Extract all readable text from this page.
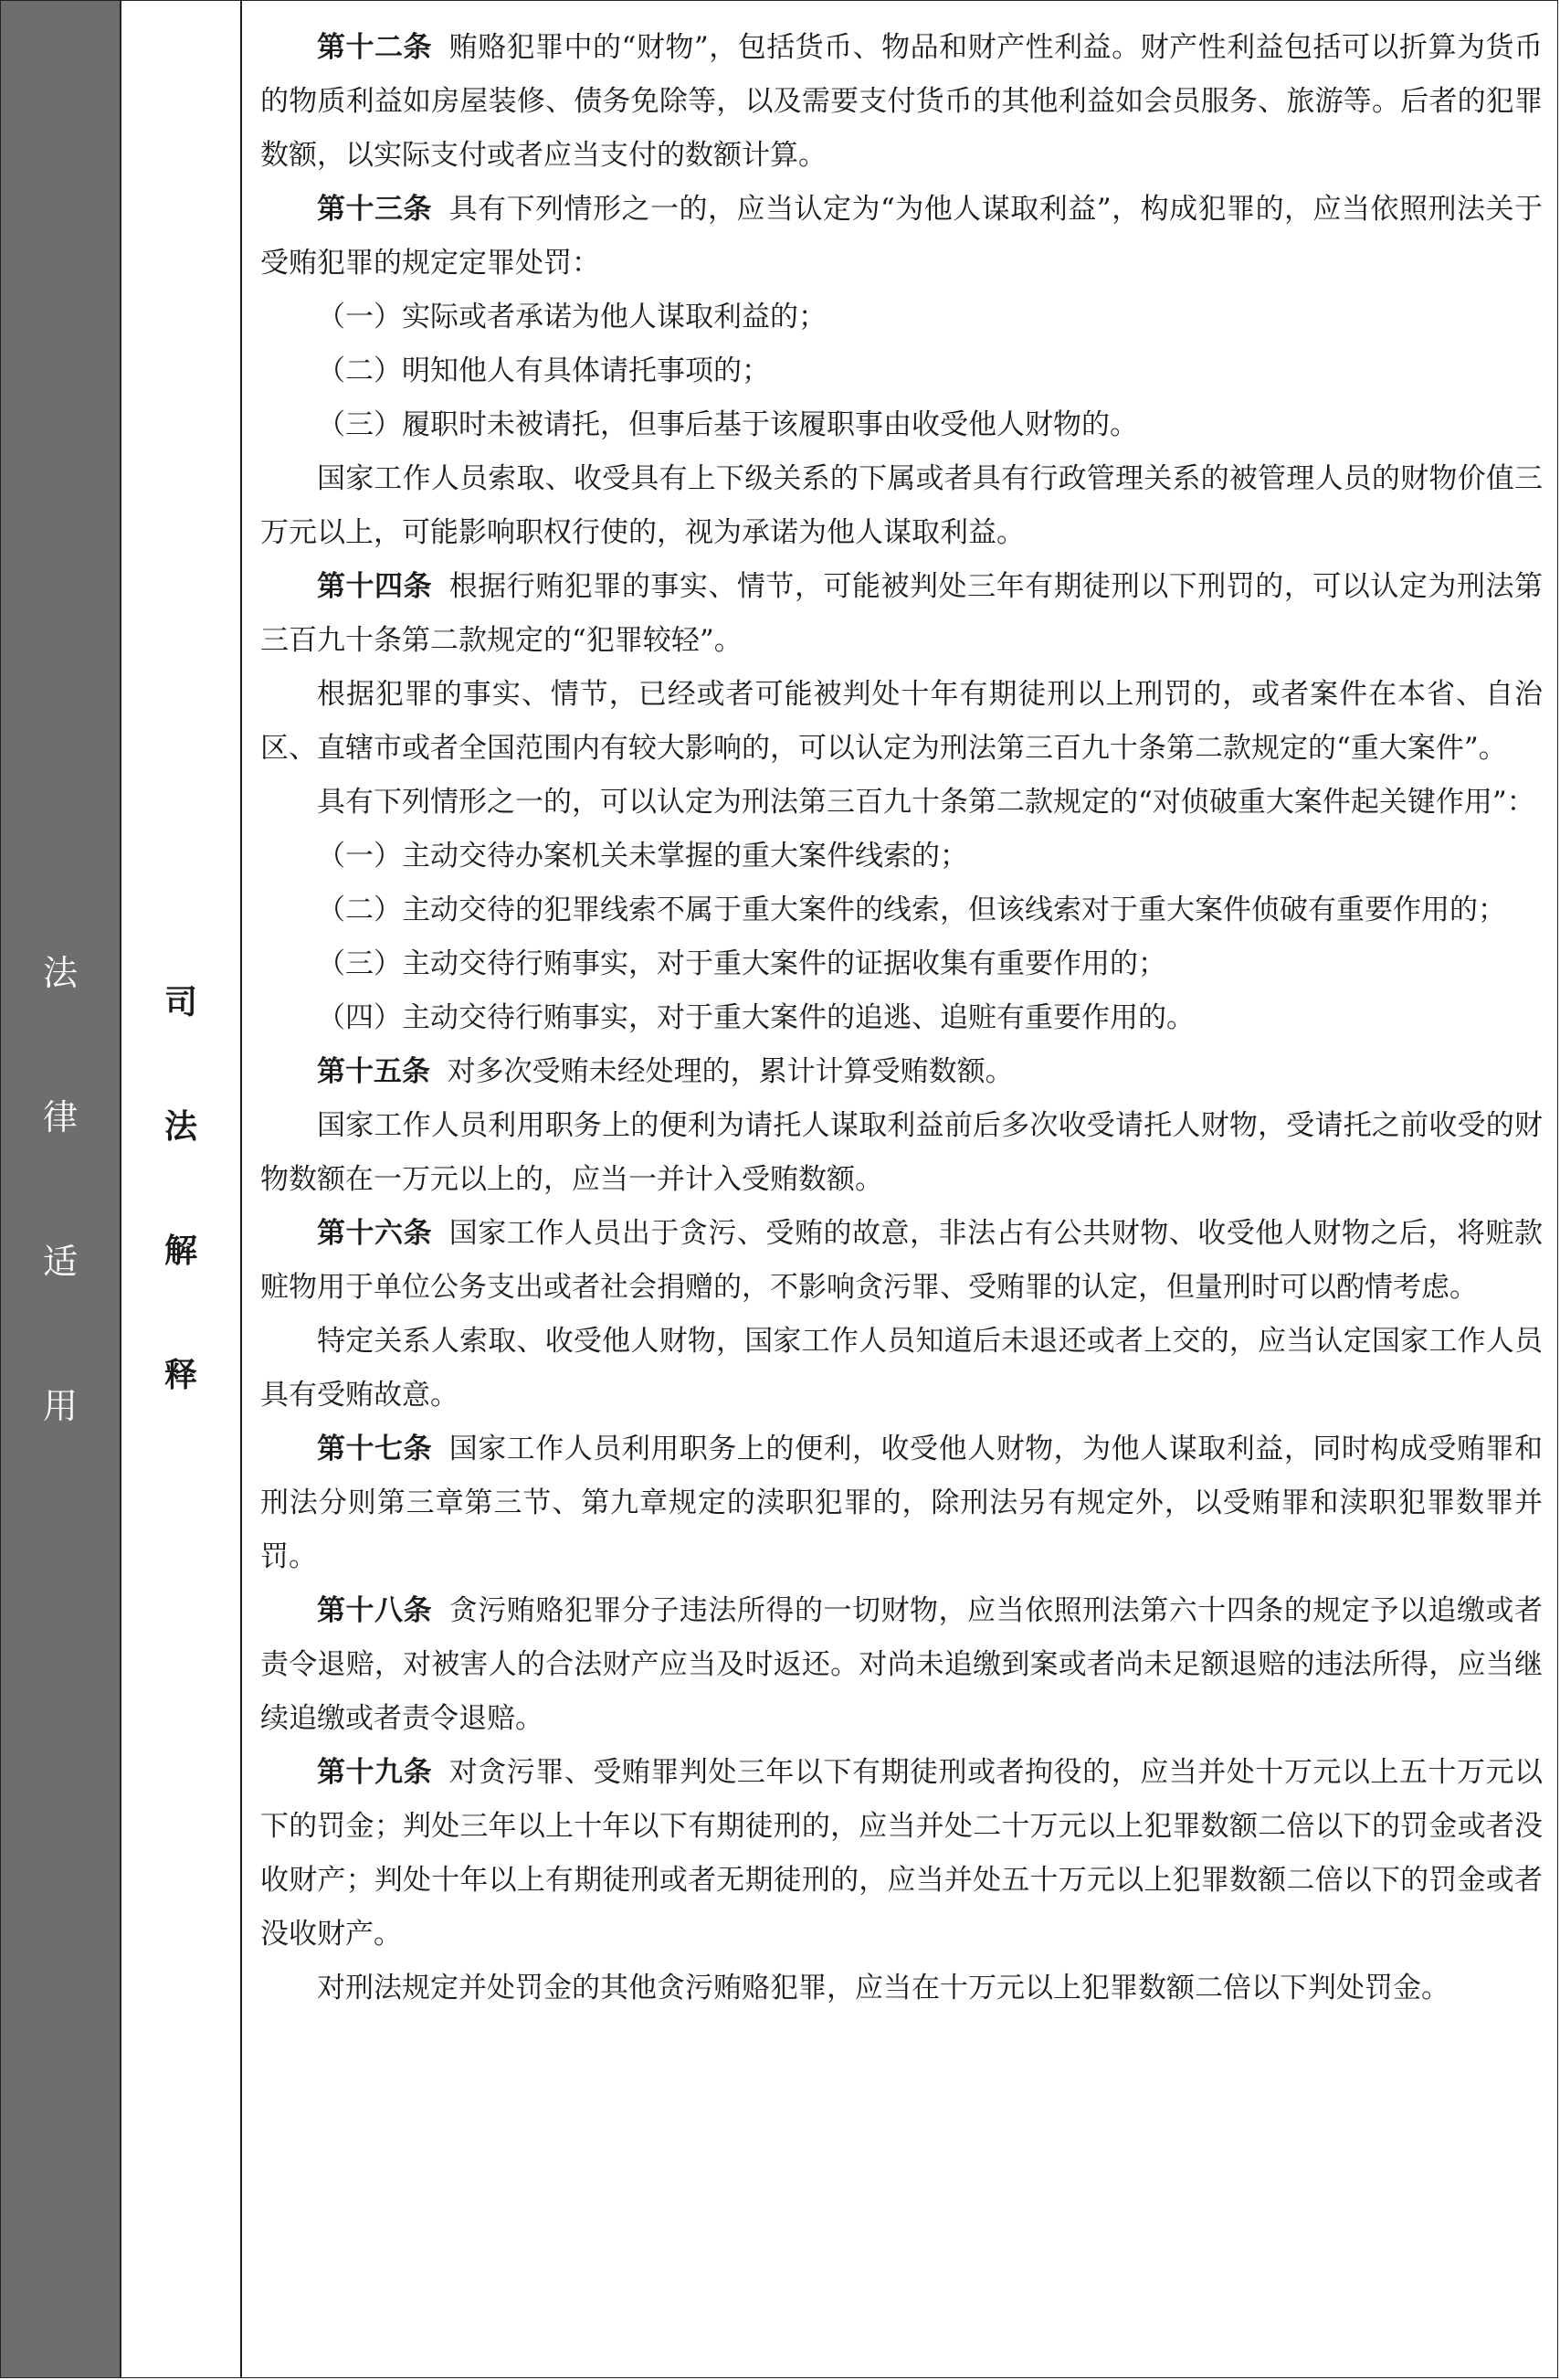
法
律
适
用
司
法
解
释

第十二条 贿赂犯罪中的“财物”，包括货币、物品和财产性利益。财产性利益包括可以折算为货币的物质利益如房屋装修、债务免除等，以及需要支付货币的其他利益如会员服务、旅游等。后者的犯罪数额，以实际支付或者应当支付的数额计算。

第十三条 具有下列情形之一的，应当认定为“为他人谋取利益”，构成犯罪的，应当依照刑法关于受贿犯罪的规定定罪处罚：

（一）实际或者承诺为他人谋取利益的；

（二）明知他人有具体请托事项的；

（三）履职时未被请托，但事后基于该履职事由收受他人财物的。

国家工作人员索取、收受具有上下级关系的下属或者具有行政管理关系的被管理人员的财物价值三万元以上，可能影响职权行使的，视为承诺为他人谋取利益。

第十四条 根据行贿犯罪的事实、情节，可能被判处三年有期徒刑以下刑罚的，可以认定为刑法第三百九十条第二款规定的“犯罪较轻”。

根据犯罪的事实、情节，已经或者可能被判处十年有期徒刑以上刑罚的，或者案件在本省、自治区、直辖市或者全国范围内有较大影响的，可以认定为刑法第三百九十条第二款规定的“重大案件”。

具有下列情形之一的，可以认定为刑法第三百九十条第二款规定的“对侦破重大案件起关键作用”：

（一）主动交待办案机关未掌握的重大案件线索的；

（二）主动交待的犯罪线索不属于重大案件的线索，但该线索对于重大案件侦破有重要作用的；

（三）主动交待行贿事实，对于重大案件的证据收集有重要作用的；

（四）主动交待行贿事实，对于重大案件的追逃、追赃有重要作用的。

第十五条 对多次受贿未经处理的，累计计算受贿数额。

国家工作人员利用职务上的便利为请托人谋取利益前后多次收受请托人财物，受请托之前收受的财物数额在一万元以上的，应当一并计入受贿数额。

第十六条 国家工作人员出于贪污、受贿的故意，非法占有公共财物、收受他人财物之后，将赃款赃物用于单位公务支出或者社会捐赠的，不影响贪污罪、受贿罪的认定，但量刑时可以酌情考虑。

特定关系人索取、收受他人财物，国家工作人员知道后未退还或者上交的，应当认定国家工作人员具有受贿故意。

第十七条 国家工作人员利用职务上的便利，收受他人财物，为他人谋取利益，同时构成受贿罪和刑法分则第三章第三节、第九章规定的渎职犯罪的，除刑法另有规定外，以受贿罪和渎职犯罪数罪并罚。

第十八条 贪污贿赂犯罪分子违法所得的一切财物，应当依照刑法第六十四条的规定予以追缴或者责令退赔，对被害人的合法财产应当及时返还。对尚未追缴到案或者尚未足额退赔的违法所得，应当继续追缴或者责令退赔。

第十九条 对贪污罪、受贿罪判处三年以下有期徒刑或者拘役的，应当并处十万元以上五十万元以下的罚金；判处三年以上十年以下有期徒刑的，应当并处二十万元以上犯罪数额二倍以下的罚金或者没收财产；判处十年以上有期徒刑或者无期徒刑的，应当并处五十万元以上犯罪数额二倍以下的罚金或者没收财产。

对刑法规定并处罚金的其他贪污贿赂犯罪，应当在十万元以上犯罪数额二倍以下判处罚金。
